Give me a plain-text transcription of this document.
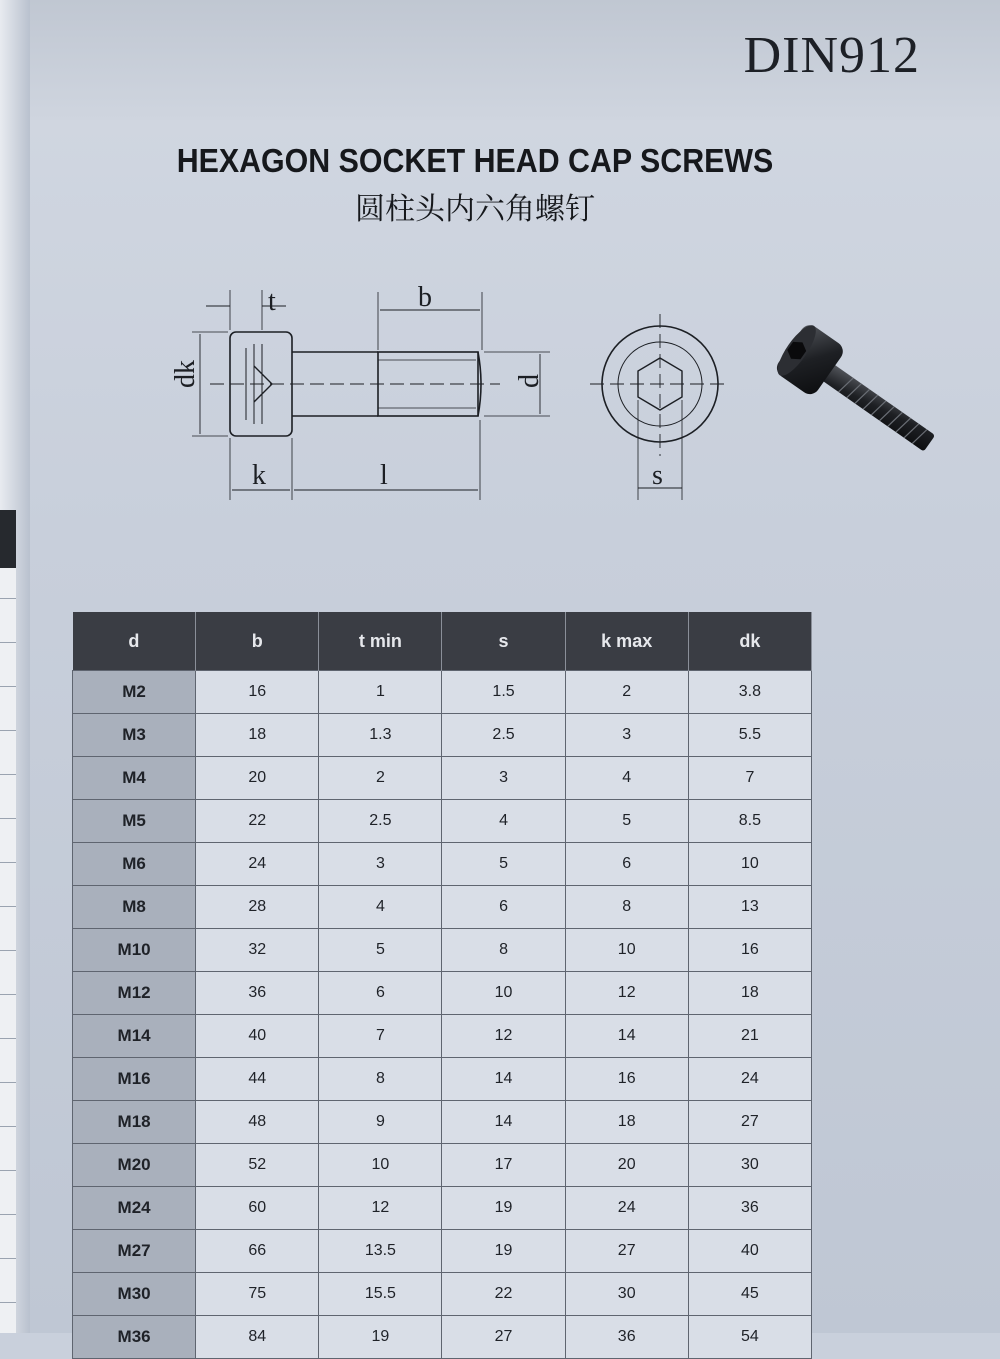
DIN912
HEXAGON SOCKET HEAD CAP SCREWS
圆柱头内六角螺钉
t	b
dk	d
k	l	s
d	b	t min	s	k max	dk
M2	16	1	1.5	2	3.8
M3	18	1.3	2.5	3	5.5
M4	20	2	3	4	7
M5	22	2.5	4	5	8.5
M6	24	3	5	6	10
M8	28	4	6	8	13
M10	32	5	8	10	16
M12	36	6	10	12	18
M14	40	7	12	14	21
M16	44	8	14	16	24
M18	48	9	14	18	27
M20	52	10	17	20	30
M24	60	12	19	24	36
M27	66	13.5	19	27	40
M30	75	15.5	22	30	45
M36	84	19	27	36	54
